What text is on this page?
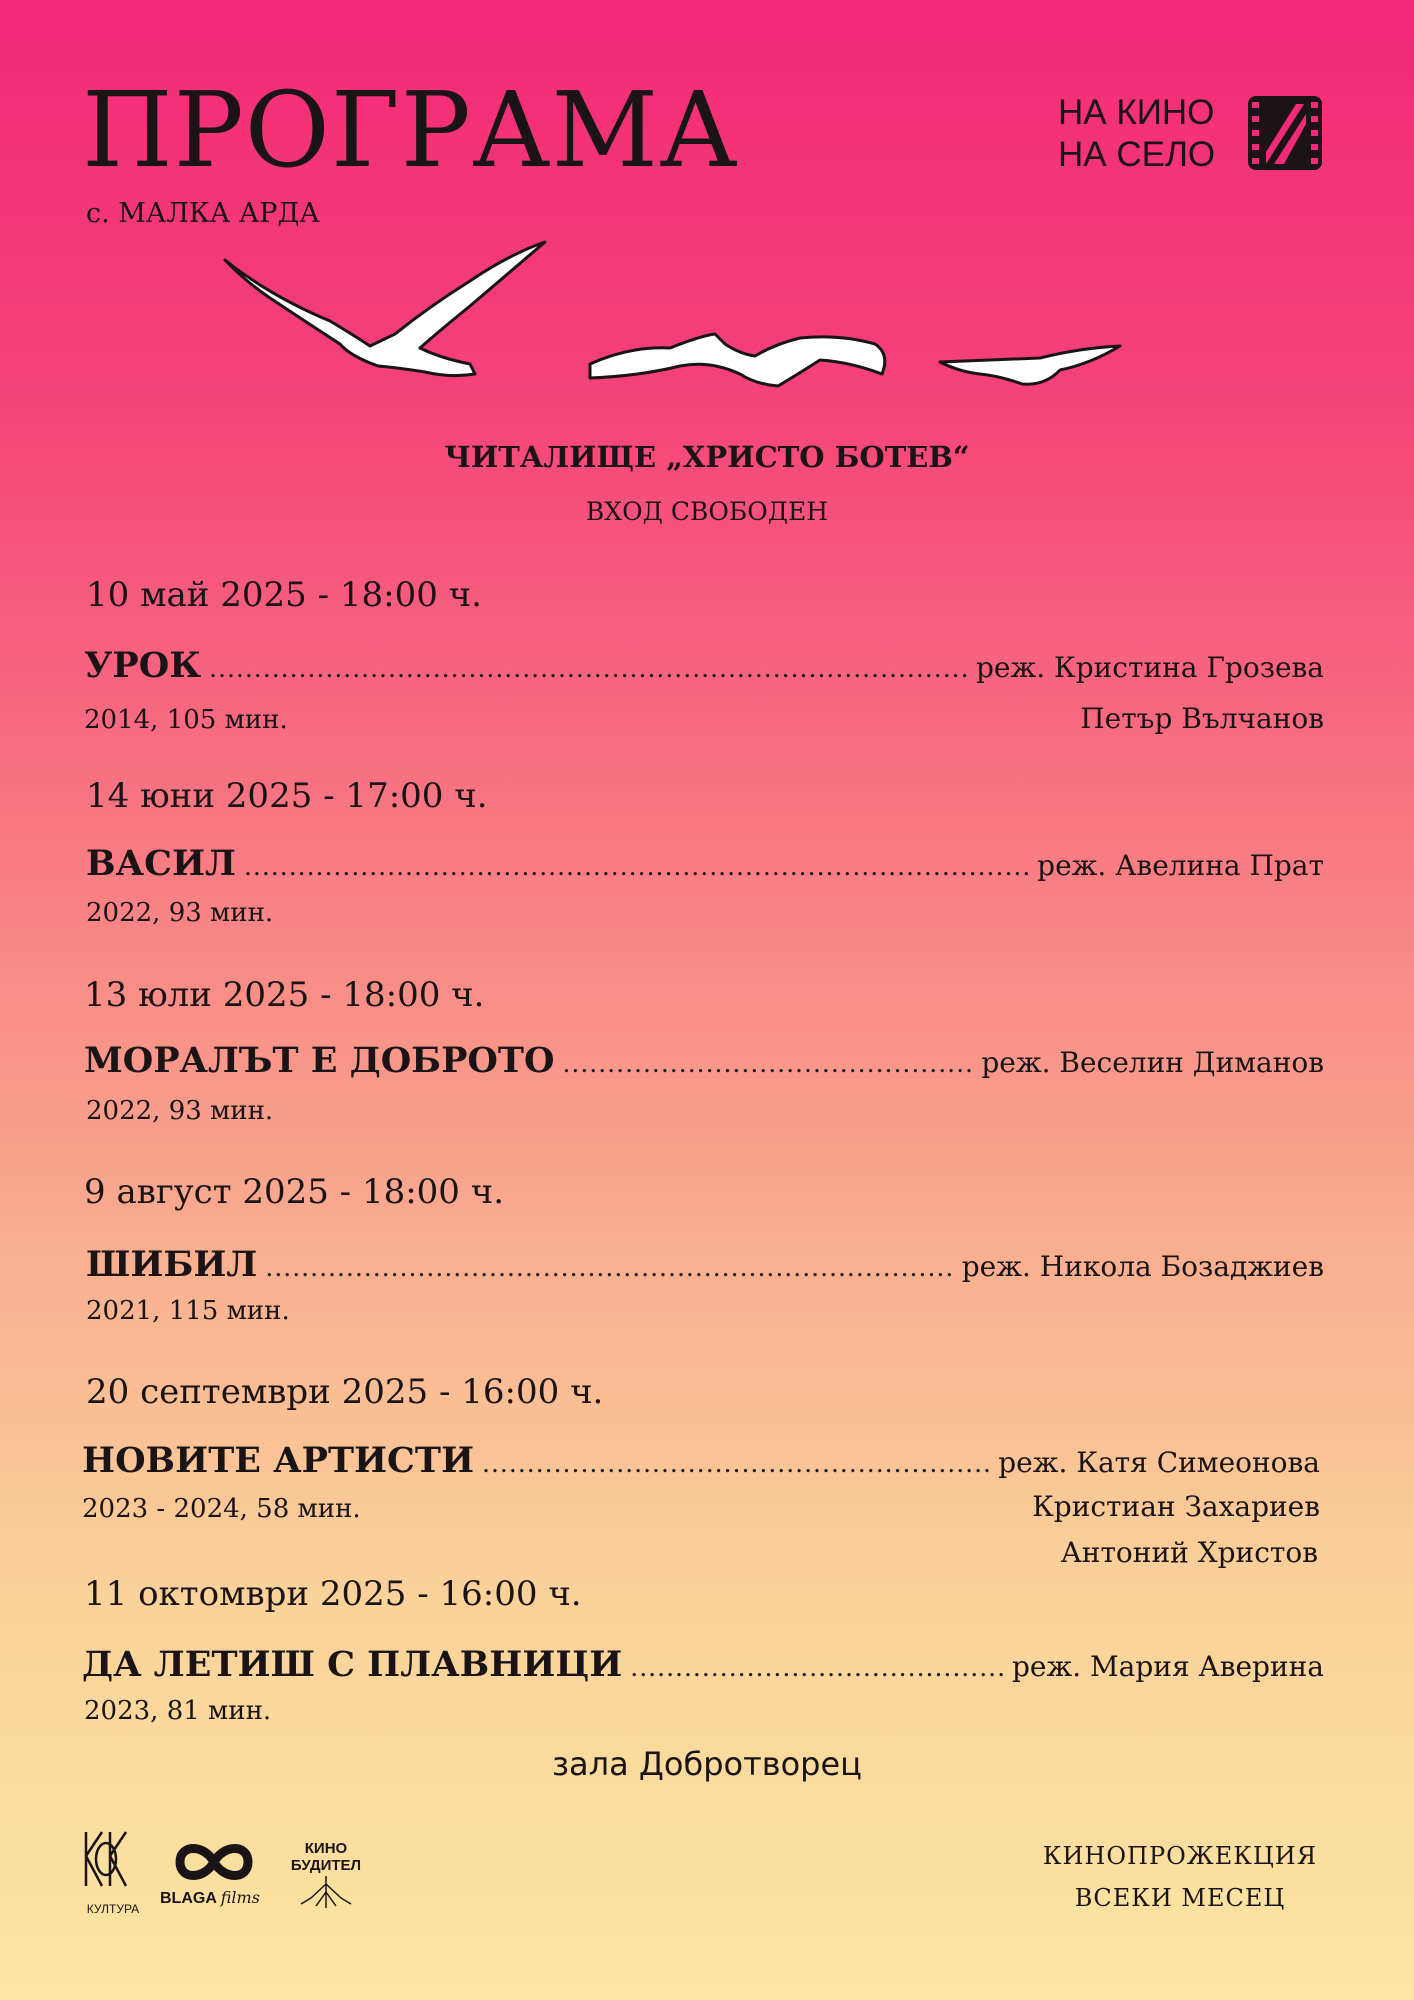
ПРОГРАМА
с. МАЛКА АРДА
НА КИНО
НА СЕЛО
ЧИТАЛИЩЕ „ХРИСТО БОТЕВ“
ВХОД СВОБОДЕН
10 май 2025 - 18:00 ч.
УРОК .....	реж. Кристина Грозева
2014, 105 мин.	Петър Вълчанов
14 юни 2025 - 17:00 ч.
ВАСИЛ .....	реж. Авелина Прат
2022, 93 мин.
13 юли 2025 - 18:00 ч.
МОРАЛЪТ Е ДОБРОТО .....	реж. Веселин Диманов
2022, 93 мин.
9 август 2025 - 18:00 ч.
ШИБИЛ .....	реж. Никола Бозаджиев
2021, 115 мин.
20 септември 2025 - 16:00 ч.
НОВИТЕ АРТИСТИ .....	реж. Катя Симеонова
2023 - 2024, 58 мин.	Кристиан Захариев
Антоний Христов
11 октомври 2025 - 16:00 ч.
ДА ЛЕТИШ С ПЛАВНИЦИ .....	реж. Мария Аверина
2023, 81 мин.
зала Добротворец
КУЛТУРА
BLAGA films
КИНО
БУДИТЕЛ	КИНОПРОЖЕКЦИЯ
ВСЕКИ МЕСЕЦ
